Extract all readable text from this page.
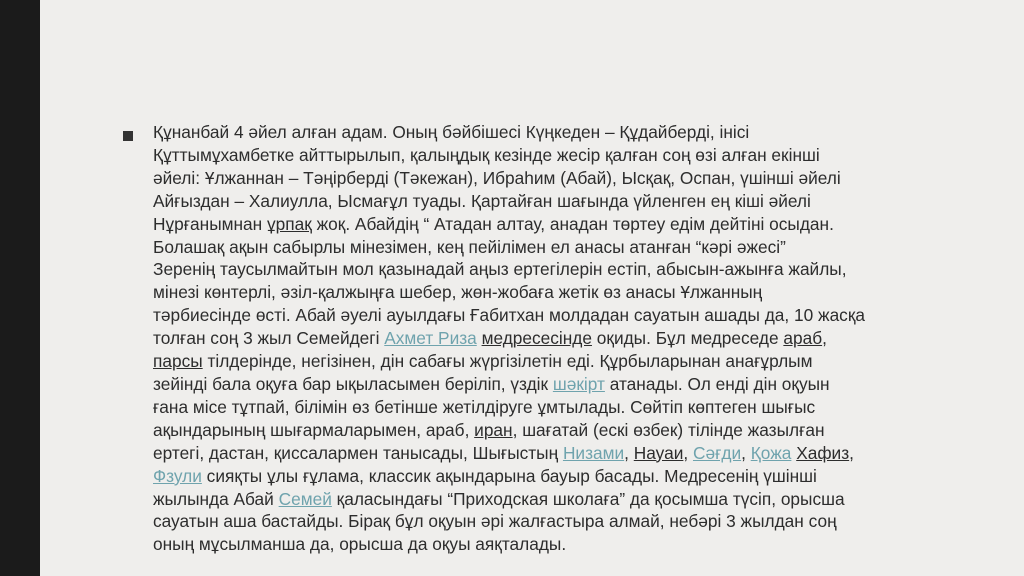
Құнанбай 4 әйел алған адам. Оның бәйбішесі Күңкеден – Құдайберді, інісі
Құттымұхамбетке айттырылып, қалыңдық кезінде жесір қалған соң өзі алған екінші
әйелі: Ұлжаннан – Тәңірберді (Тәкежан), Ибраһим (Абай), Ысқақ, Оспан, үшінші әйелі
Айғыздан – Халиулла, Ысмағұл туады. Қартайған шағында үйленген ең кіші әйелі
Нұрғанымнан ұрпақ жоқ. Абайдің “ Атадан алтау, анадан төртеу едім дейтіні осыдан.
Болашақ ақын сабырлы мінезімен, кең пейілімен ел анасы атанған “кәрі әжесі”
Зеренің таусылмайтын мол қазынадай аңыз ертегілерін естіп, абысын-ажынға жайлы,
мінезі көнтерлі, әзіл-қалжыңға шебер, жөн-жобаға жетік өз анасы Ұлжанның
тәрбиесінде өсті. Абай әуелі ауылдағы Ғабитхан молдадан сауатын ашады да, 10 жасқа
толған соң 3 жыл Семейдегі Ахмет Риза медресесінде оқиды. Бұл медреседе араб,
парсы тілдерінде, негізінен, дін сабағы жүргізілетін еді. Құрбыларынан анағұрлым
зейінді бала оқуға бар ықыласымен беріліп, үздік шәкірт атанады. Ол енді дін оқуын
ғана місе тұтпай, білімін өз бетінше жетілдіруге ұмтылады. Сөйтіп көптеген шығыс
ақындарының шығармаларымен, араб, иран, шағатай (ескі өзбек) тілінде жазылған
ертегі, дастан, қиссалармен танысады, Шығыстың Низами, Науаи, Сәғди, Қожа Хафиз,
Фзули сияқты ұлы ғұлама, классик ақындарына бауыр басады. Медресенің үшінші
жылында Абай Семей қаласындағы “Приходская школаға” да қосымша түсіп, орысша
сауатын аша бастайды. Бірақ бұл оқуын әрі жалғастыра алмай, небәрі 3 жылдан соң
оның мұсылманша да, орысша да оқуы аяқталады.
